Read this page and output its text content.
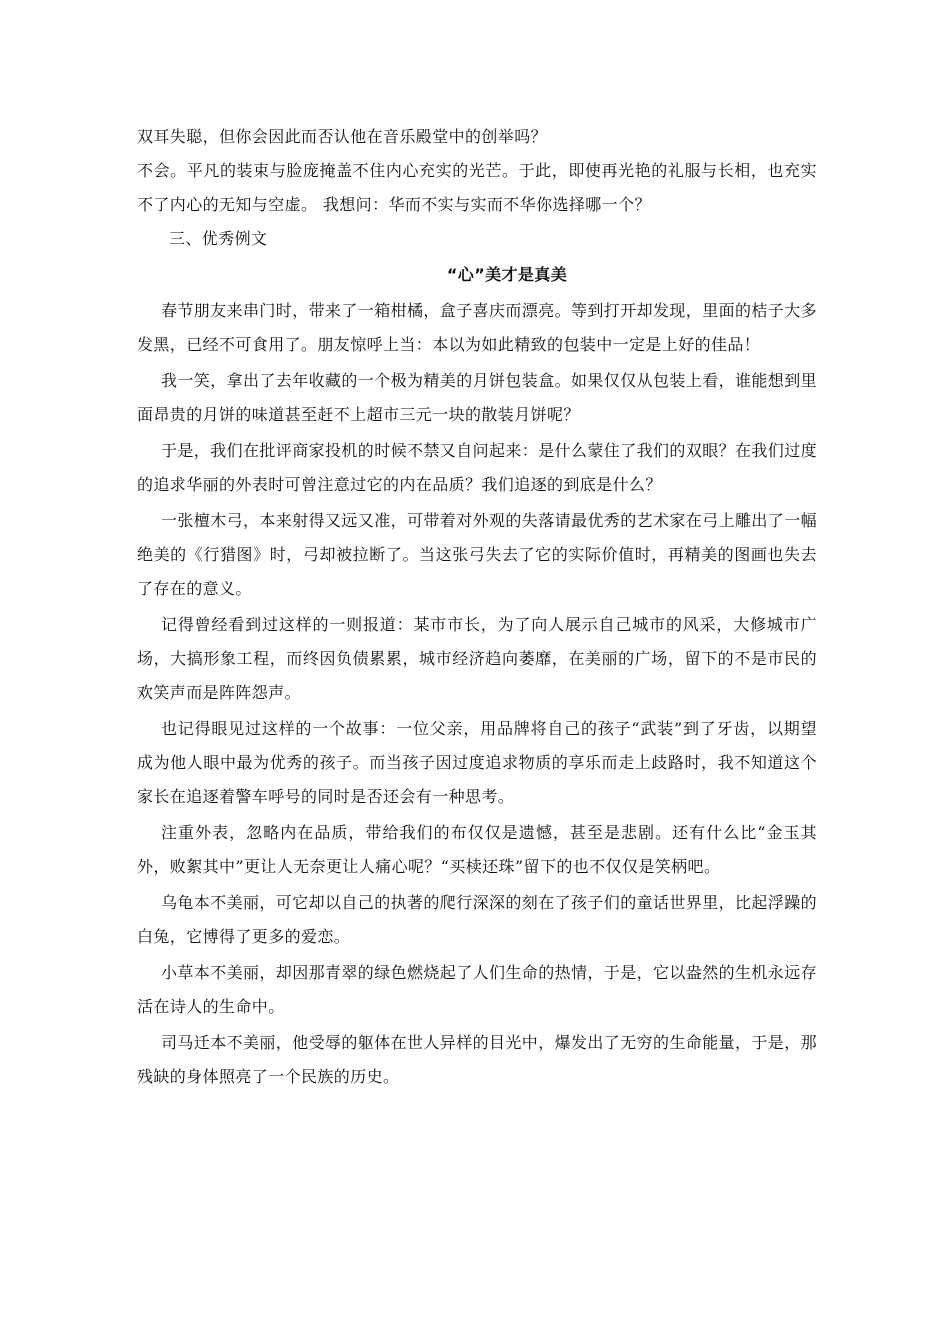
双耳失聪，但你会因此而否认他在音乐殿堂中的创举吗？

不会。平凡的装束与脸庞掩盖不住内心充实的光芒。于此，即使再光艳的礼服与长相，也充实不了内心的无知与空虚。 我想问：华而不实与实而不华你选择哪一个？

三、优秀例文

“心”美才是真美

春节朋友来串门时，带来了一箱柑橘，盒子喜庆而漂亮。等到打开却发现，里面的桔子大多发黑，已经不可食用了。朋友惊呼上当：本以为如此精致的包装中一定是上好的佳品！

我一笑，拿出了去年收藏的一个极为精美的月饼包装盒。如果仅仅从包装上看，谁能想到里面昂贵的月饼的味道甚至赶不上超市三元一块的散装月饼呢？

于是，我们在批评商家投机的时候不禁又自问起来：是什么蒙住了我们的双眼？在我们过度的追求华丽的外表时可曾注意过它的内在品质？我们追逐的到底是什么？

一张檀木弓，本来射得又远又准，可带着对外观的失落请最优秀的艺术家在弓上雕出了一幅绝美的《行猎图》时，弓却被拉断了。当这张弓失去了它的实际价值时，再精美的图画也失去了存在的意义。

记得曾经看到过这样的一则报道：某市市长，为了向人展示自己城市的风采，大修城市广场，大搞形象工程，而终因负债累累，城市经济趋向萎靡，在美丽的广场，留下的不是市民的欢笑声而是阵阵怨声。

也记得眼见过这样的一个故事：一位父亲，用品牌将自己的孩子“武装”到了牙齿，以期望成为他人眼中最为优秀的孩子。而当孩子因过度追求物质的享乐而走上歧路时，我不知道这个家长在追逐着警车呼号的同时是否还会有一种思考。

注重外表，忽略内在品质，带给我们的布仅仅是遗憾，甚至是悲剧。还有什么比“金玉其外，败絮其中”更让人无奈更让人痛心呢？“买椟还珠”留下的也不仅仅是笑柄吧。

乌龟本不美丽，可它却以自己的执著的爬行深深的刻在了孩子们的童话世界里，比起浮躁的白兔，它博得了更多的爱恋。

小草本不美丽，却因那青翠的绿色燃烧起了人们生命的热情，于是，它以盎然的生机永远存活在诗人的生命中。

司马迁本不美丽，他受辱的躯体在世人异样的目光中，爆发出了无穷的生命能量，于是，那残缺的身体照亮了一个民族的历史。
